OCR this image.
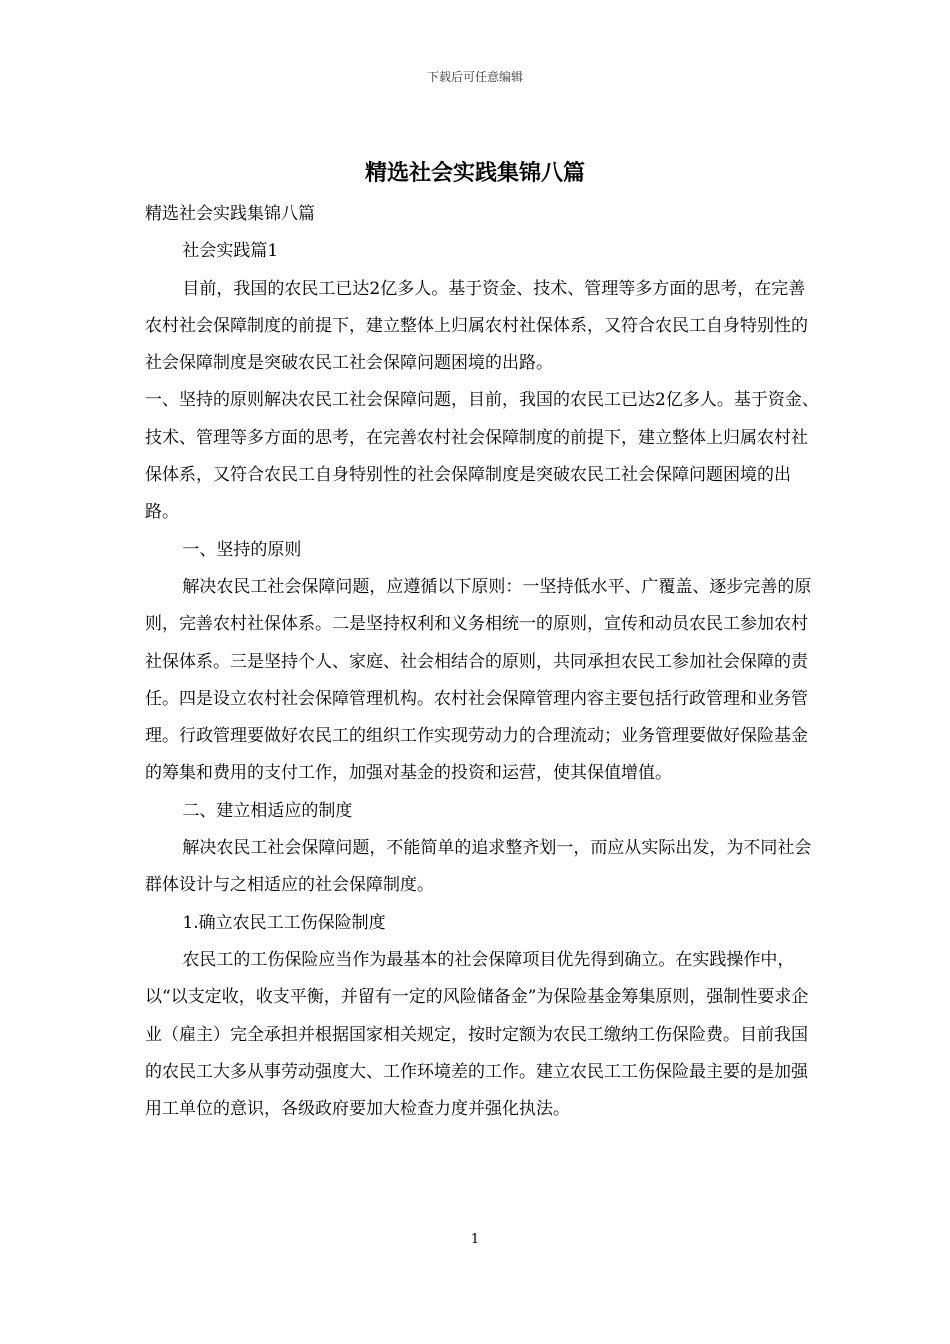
下载后可任意编辑
精选社会实践集锦八篇

精选社会实践集锦八篇

社会实践篇1

目前，我国的农民工已达2亿多人。基于资金、技术、管理等多方面的思考，在完善农村社会保障制度的前提下，建立整体上归属农村社保体系，又符合农民工自身特别性的社会保障制度是突破农民工社会保障问题困境的出路。

一、坚持的原则解决农民工社会保障问题，目前，我国的农民工已达2亿多人。基于资金、技术、管理等多方面的思考，在完善农村社会保障制度的前提下，建立整体上归属农村社保体系，又符合农民工自身特别性的社会保障制度是突破农民工社会保障问题困境的出路。

一、坚持的原则

解决农民工社会保障问题，应遵循以下原则：一坚持低水平、广覆盖、逐步完善的原则，完善农村社保体系。二是坚持权利和义务相统一的原则，宣传和动员农民工参加农村社保体系。三是坚持个人、家庭、社会相结合的原则，共同承担农民工参加社会保障的责任。四是设立农村社会保障管理机构。农村社会保障管理内容主要包括行政管理和业务管理。行政管理要做好农民工的组织工作实现劳动力的合理流动；业务管理要做好保险基金的筹集和费用的支付工作，加强对基金的投资和运营，使其保值增值。

二、建立相适应的制度

解决农民工社会保障问题，不能简单的追求整齐划一，而应从实际出发，为不同社会群体设计与之相适应的社会保障制度。

1.确立农民工工伤保险制度

农民工的工伤保险应当作为最基本的社会保障项目优先得到确立。在实践操作中，以“以支定收，收支平衡，并留有一定的风险储备金”为保险基金筹集原则，强制性要求企业（雇主）完全承担并根据国家相关规定，按时定额为农民工缴纳工伤保险费。目前我国的农民工大多从事劳动强度大、工作环境差的工作。建立农民工工伤保险最主要的是加强用工单位的意识，各级政府要加大检查力度并强化执法。

1
